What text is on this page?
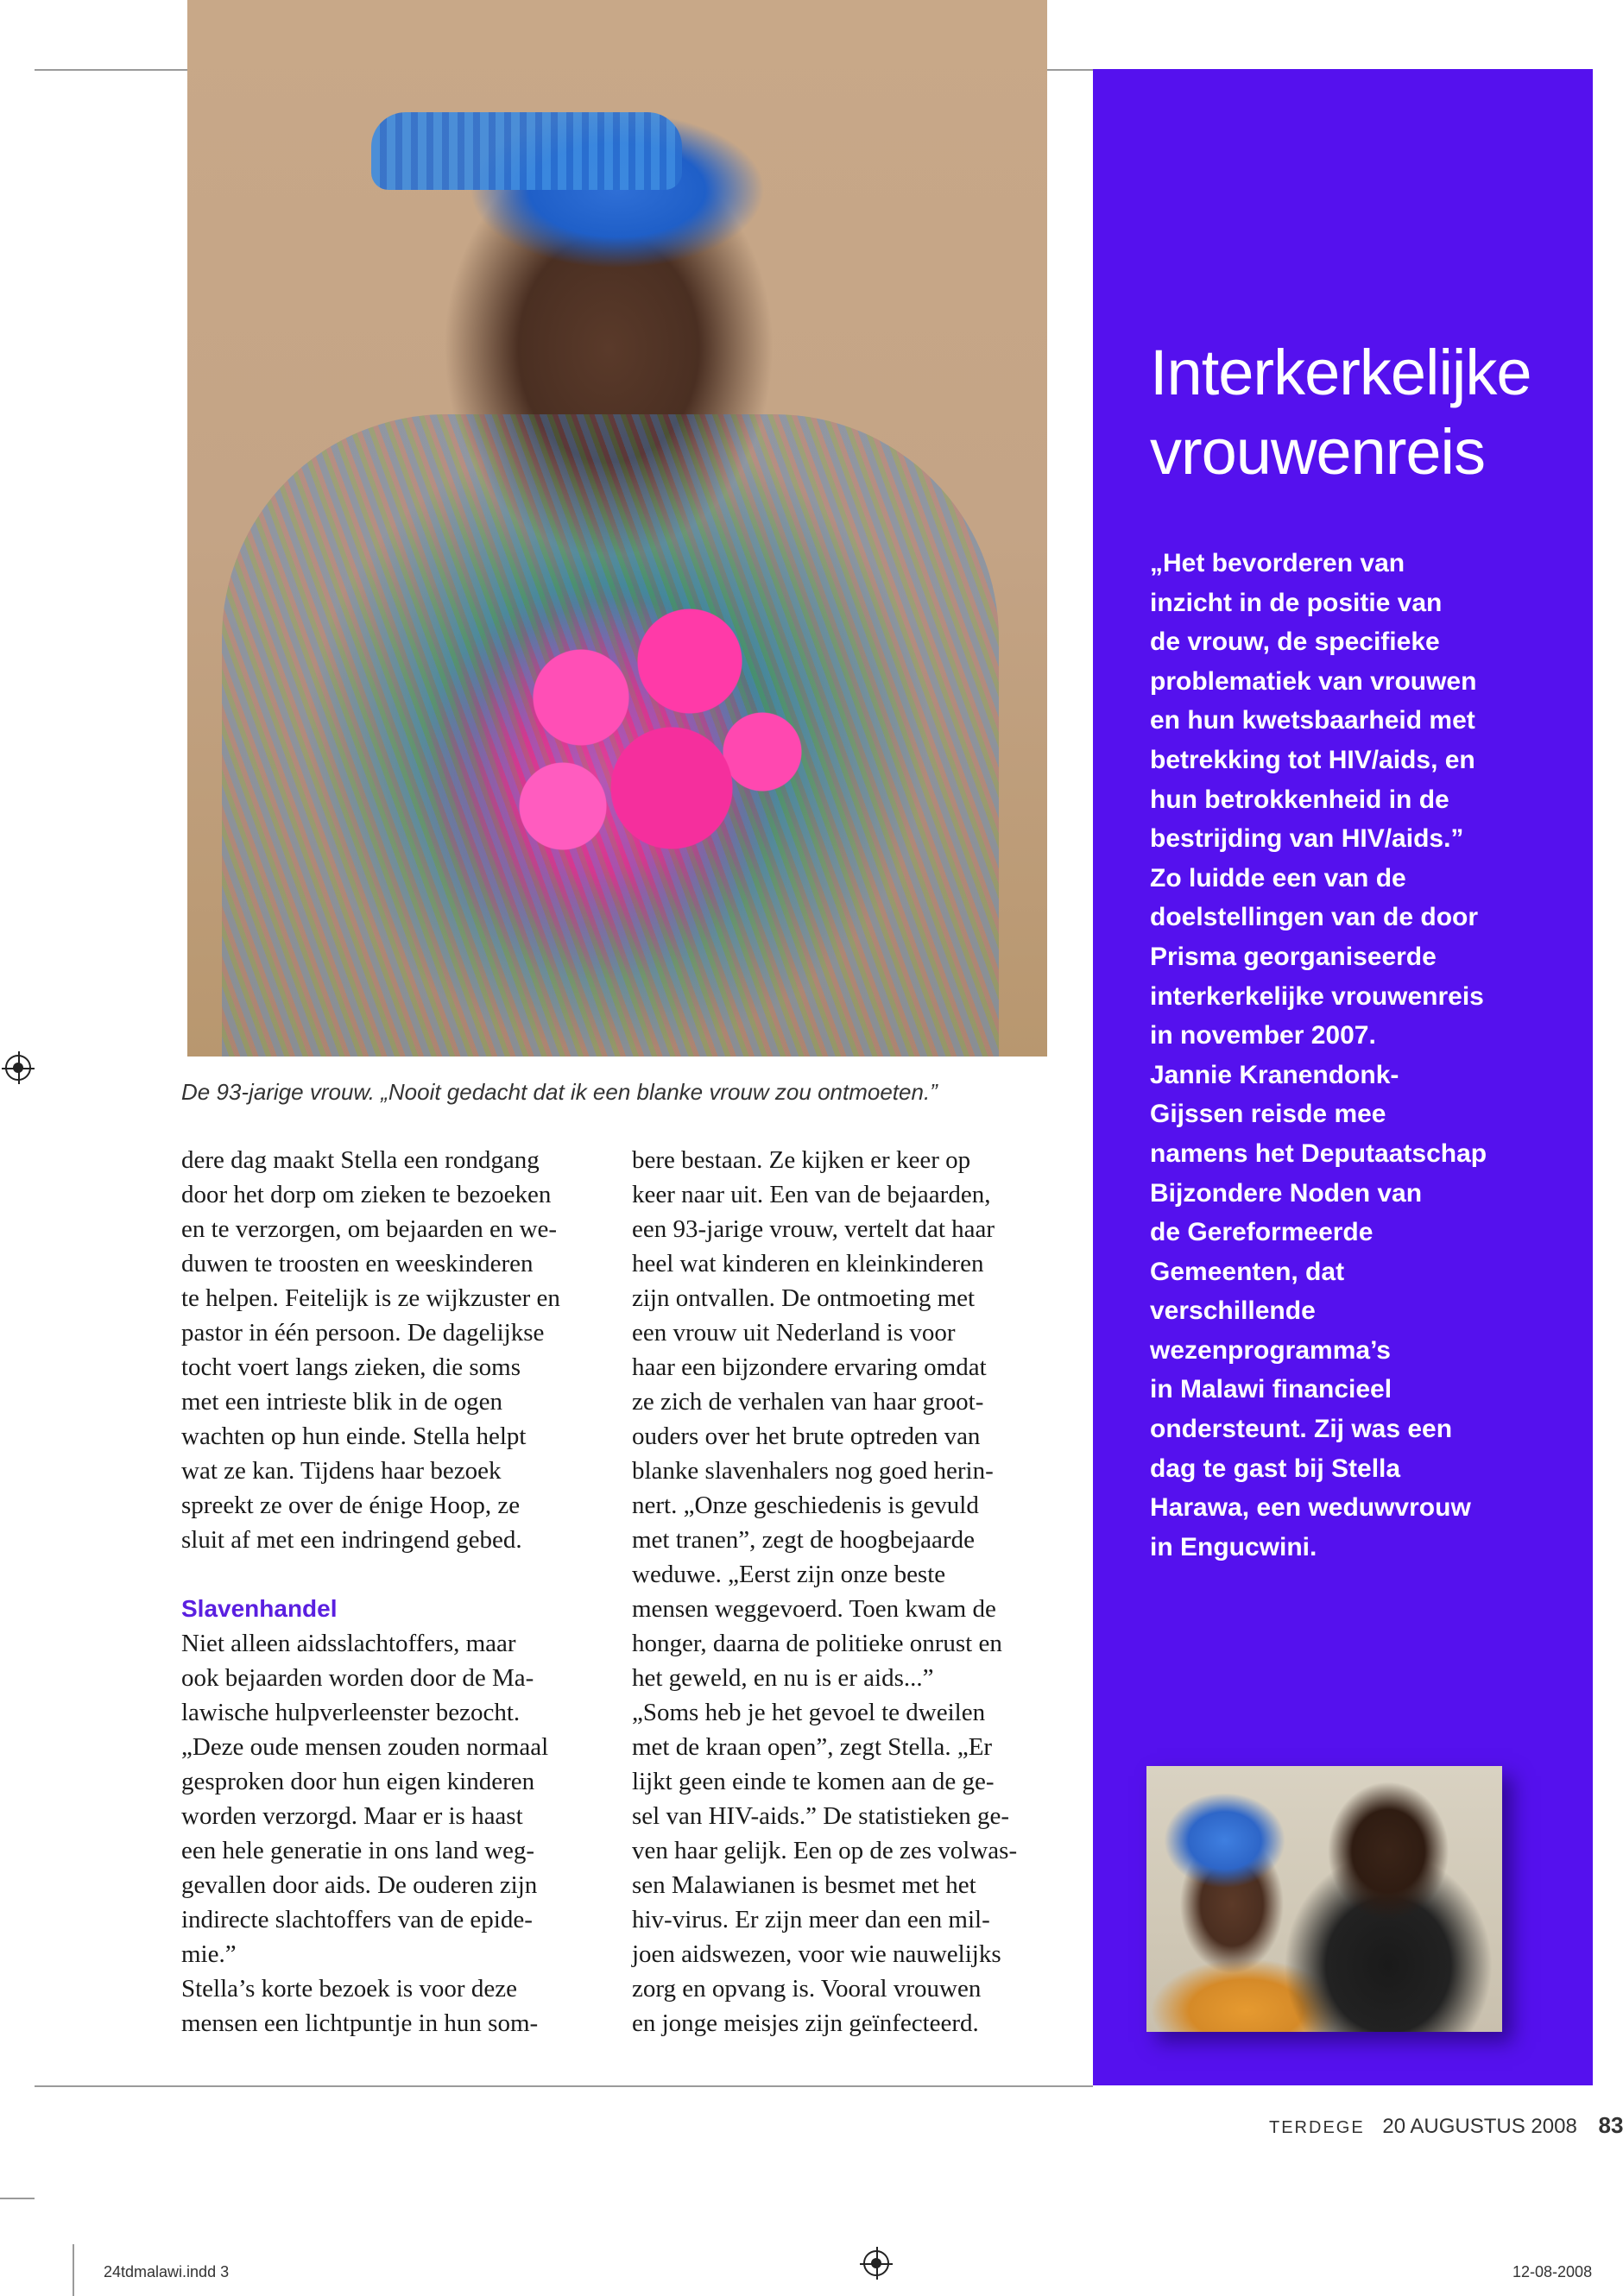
De 93-jarige vrouw. „Nooit gedacht dat ik een blanke vrouw zou ontmoeten.”

dere dag maakt Stella een rondgang

door het dorp om zieken te bezoeken

en te verzorgen, om bejaarden en we-

duwen te troosten en weeskinderen

te helpen. Feitelijk is ze wijkzuster en

pastor in één persoon. De dagelijkse

tocht voert langs zieken, die soms

met een intrieste blik in de ogen

wachten op hun einde. Stella helpt

wat ze kan. Tijdens haar bezoek

spreekt ze over de énige Hoop, ze

sluit af met een indringend gebed.

Slavenhandel

Niet alleen aidsslachtoffers, maar

ook bejaarden worden door de Ma-

lawische hulpverleenster bezocht.

„Deze oude mensen zouden normaal

gesproken door hun eigen kinderen

worden verzorgd. Maar er is haast

een hele generatie in ons land weg-

gevallen door aids. De ouderen zijn

indirecte slachtoffers van de epide-

mie.”

Stella’s korte bezoek is voor deze

mensen een lichtpuntje in hun som-

bere bestaan. Ze kijken er keer op

keer naar uit. Een van de bejaarden,

een 93-jarige vrouw, vertelt dat haar

heel wat kinderen en kleinkinderen

zijn ontvallen. De ontmoeting met

een vrouw uit Nederland is voor

haar een bijzondere ervaring omdat

ze zich de verhalen van haar groot-

ouders over het brute optreden van

blanke slavenhalers nog goed herin-

nert. „Onze geschiedenis is gevuld

met tranen”, zegt de hoogbejaarde

weduwe. „Eerst zijn onze beste

mensen weggevoerd. Toen kwam de

honger, daarna de politieke onrust en

het geweld, en nu is er aids...”

„Soms heb je het gevoel te dweilen

met de kraan open”, zegt Stella. „Er

lijkt geen einde te komen aan de ge-

sel van HIV-aids.” De statistieken ge-

ven haar gelijk. Een op de zes volwas-

sen Malawianen is besmet met het

hiv-virus. Er zijn meer dan een mil-

joen aidswezen, voor wie nauwelijks

zorg en opvang is. Vooral vrouwen

en jonge meisjes zijn geïnfecteerd.

Interkerkelijke
vrouwenreis

„Het bevorderen van

inzicht in de positie van

de vrouw, de specifieke

problematiek van vrouwen

en hun kwetsbaarheid met

betrekking tot HIV/aids, en

hun betrokkenheid in de

bestrijding van HIV/aids.”

Zo luidde een van de

doelstellingen van de door

Prisma georganiseerde

interkerkelijke vrouwenreis

in november 2007.

Jannie Kranendonk-

Gijssen reisde mee

namens het Deputaatschap

Bijzondere Noden van

de Gereformeerde

Gemeenten, dat

verschillende

wezenprogramma’s

in Malawi financieel

ondersteunt. Zij was een

dag te gast bij Stella

Harawa, een weduwvrouw

in Engucwini.

TERDEGE 20 AUGUSTUS 2008 83
24tdmalawi.indd 3	12-08-2008
